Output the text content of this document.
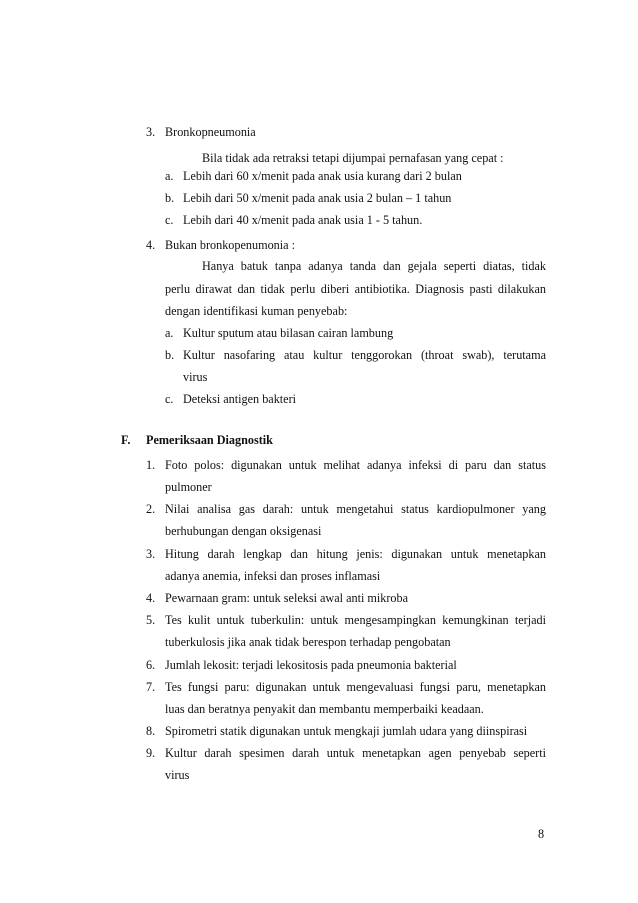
3. Bronkopneumonia
Bila tidak ada retraksi tetapi dijumpai pernafasan yang cepat :
a. Lebih dari 60 x/menit pada anak usia kurang dari 2 bulan
b. Lebih dari 50 x/menit pada anak usia 2 bulan – 1 tahun
c. Lebih dari 40 x/menit pada anak usia 1 - 5 tahun.
4. Bukan bronkopenumonia :
Hanya batuk tanpa adanya tanda dan gejala seperti diatas, tidak
perlu dirawat dan tidak perlu diberi antibiotika. Diagnosis pasti dilakukan
dengan identifikasi kuman penyebab:
a. Kultur sputum atau bilasan cairan lambung
b. Kultur nasofaring atau kultur tenggorokan (throat swab), terutama
virus
c. Deteksi antigen bakteri
F. Pemeriksaan Diagnostik
1. Foto polos: digunakan untuk melihat adanya infeksi di paru dan status
pulmoner
2. Nilai analisa gas darah: untuk mengetahui status kardiopulmoner yang
berhubungan dengan oksigenasi
3. Hitung darah lengkap dan hitung jenis: digunakan untuk menetapkan
adanya anemia, infeksi dan proses inflamasi
4. Pewarnaan gram: untuk seleksi awal anti mikroba
5. Tes kulit untuk tuberkulin: untuk mengesampingkan kemungkinan terjadi
tuberkulosis jika anak tidak berespon terhadap pengobatan
6. Jumlah lekosit: terjadi lekositosis pada pneumonia bakterial
7. Tes fungsi paru: digunakan untuk mengevaluasi fungsi paru, menetapkan
luas dan beratnya penyakit dan membantu memperbaiki keadaan.
8. Spirometri statik digunakan untuk mengkaji jumlah udara yang diinspirasi
9. Kultur darah spesimen darah untuk menetapkan agen penyebab seperti
virus
8
